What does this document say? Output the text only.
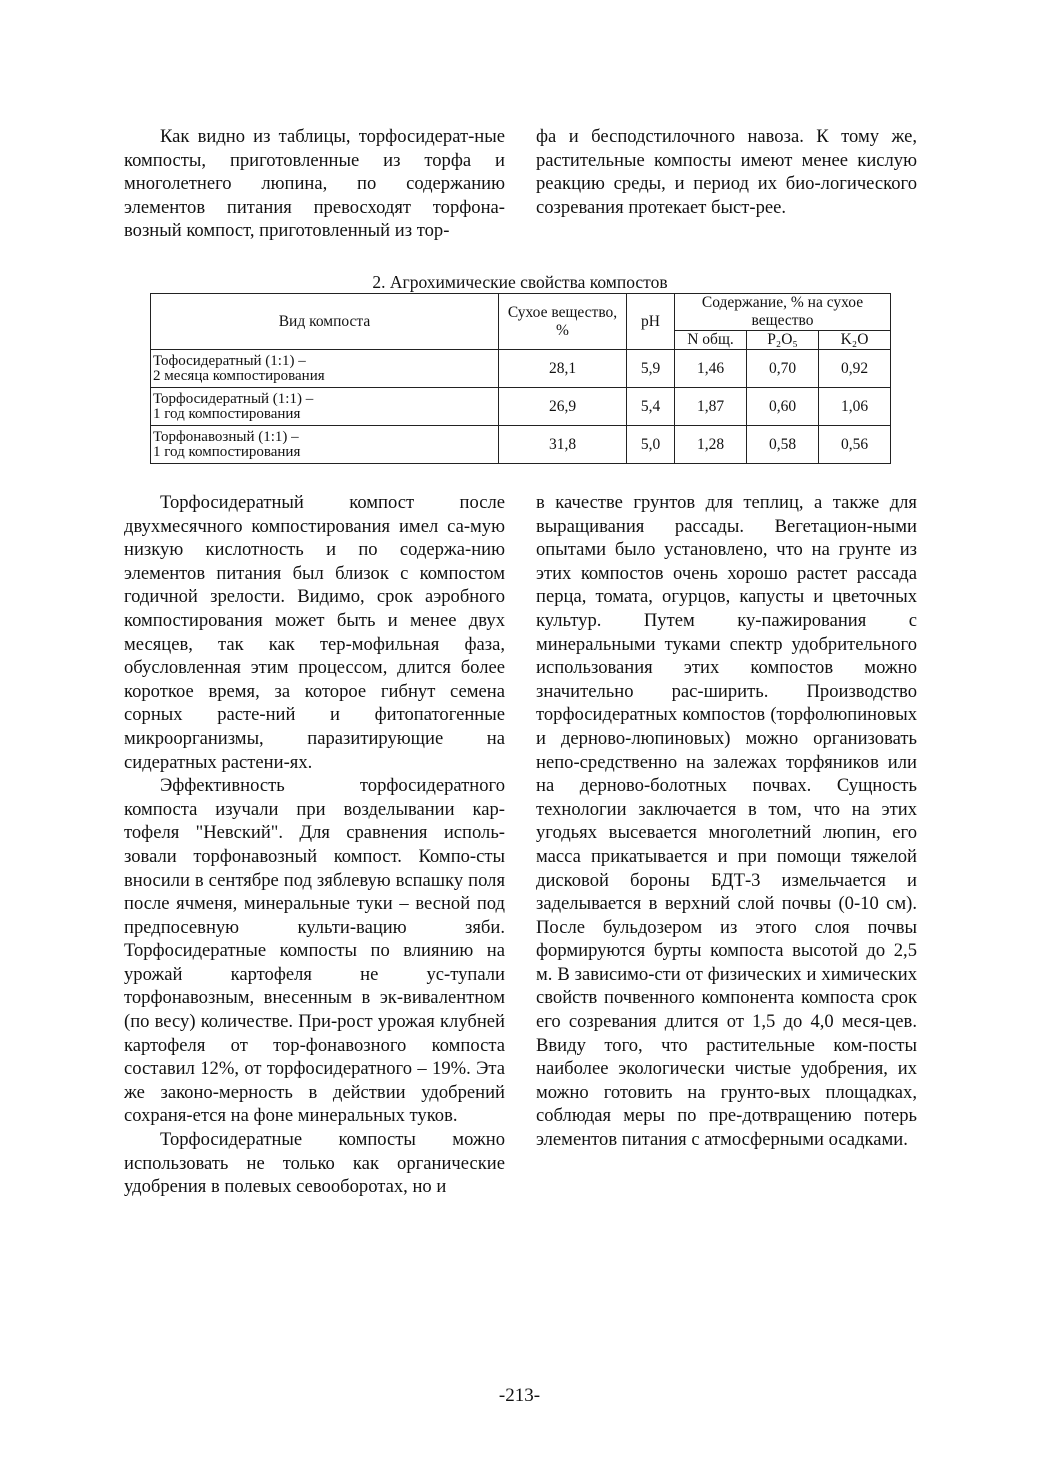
Как видно из таблицы, торфосидерат-ные компосты, приготовленные из торфа и многолетнего люпина, по содержанию элементов питания превосходят торфона-возный компост, приготовленный из тор-

фа и бесподстилочного навоза. К тому же, растительные компосты имеют менее кислую реакцию среды, и период их био-логического созревания протекает быст-рее.

2. Агрохимические свойства компостов
Вид компоста	Сухое вещество, %	pH	Содержание, % на сухое вещество		
			N общ.	P₂O₅	K₂O
Тофосидератный (1:1) –
2 месяца компостирования	28,1	5,9	1,46	0,70	0,92
Торфосидератный (1:1) –
1 год компостирования	26,9	5,4	1,87	0,60	1,06
Торфонавозный (1:1) –
1 год компостирования	31,8	5,0	1,28	0,58	0,56

Торфосидератный компост после двухмесячного компостирования имел са-мую низкую кислотность и по содержа-нию элементов питания был близок с компостом годичной зрелости. Видимо, срок аэробного компостирования может быть и менее двух месяцев, так как тер-мофильная фаза, обусловленная этим процессом, длится более короткое время, за которое гибнут семена сорных расте-ний и фитопатогенные микроорганизмы, паразитирующие на сидератных растени-ях.

Эффективность торфосидератного компоста изучали при возделывании кар-тофеля "Невский". Для сравнения исполь-зовали торфонавозный компост. Компо-сты вносили в сентябре под зяблевую вспашку поля после ячменя, минеральные туки – весной под предпосевную культи-вацию зяби. Торфосидератные компосты по влиянию на урожай картофеля не ус-тупали торфонавозным, внесенным в эк-вивалентном (по весу) количестве. При-рост урожая клубней картофеля от тор-фонавозного компоста составил 12%, от торфосидератного – 19%. Эта же законо-мерность в действии удобрений сохраня-ется на фоне минеральных туков.

Торфосидератные компосты можно использовать не только как органические удобрения в полевых севооборотах, но и

в качестве грунтов для теплиц, а также для выращивания рассады. Вегетацион-ными опытами было установлено, что на грунте из этих компостов очень хорошо растет рассада перца, томата, огурцов, капусты и цветочных культур. Путем ку-пажирования с минеральными туками спектр удобрительного использования этих компостов можно значительно рас-ширить. Производство торфосидератных компостов (торфолюпиновых и дерново-люпиновых) можно организовать непо-средственно на залежах торфяников или на дерново-болотных почвах. Сущность технологии заключается в том, что на этих угодьях высевается многолетний люпин, его масса прикатывается и при помощи тяжелой дисковой бороны БДТ-3 измельчается и заделывается в верхний слой почвы (0-10 см). После бульдозером из этого слоя почвы формируются бурты компоста высотой до 2,5 м. В зависимо-сти от физических и химических свойств почвенного компонента компоста срок его созревания длится от 1,5 до 4,0 меся-цев. Ввиду того, что растительные ком-посты наиболее экологически чистые удобрения, их можно готовить на грунто-вых площадках, соблюдая меры по пре-дотвращению потерь элементов питания с атмосферными осадками.

-213-
